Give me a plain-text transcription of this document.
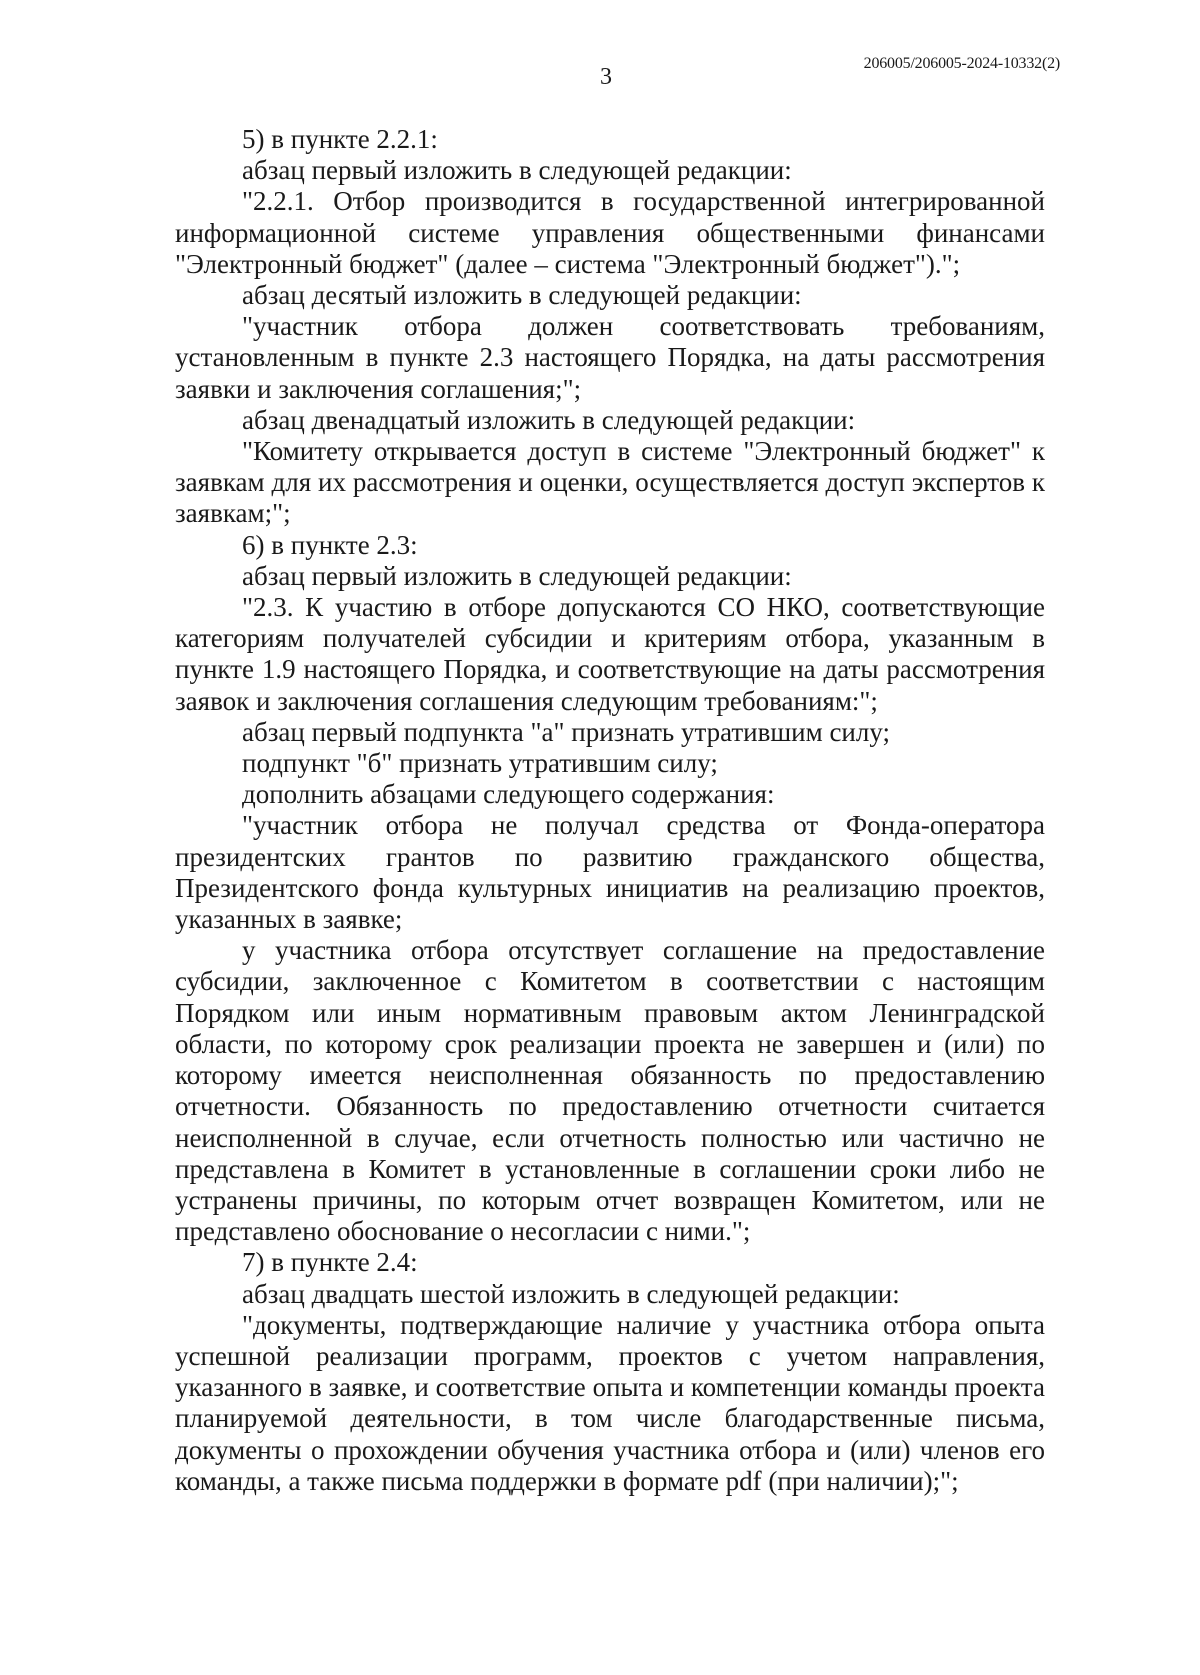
3
206005/206005-2024-10332(2)

5) в пункте 2.2.1:

абзац первый изложить в следующей редакции:

"2.2.1. Отбор производится в государственной интегрированной информационной системе управления общественными финансами "Электронный бюджет" (далее – система "Электронный бюджет").";

абзац десятый изложить в следующей редакции:

"участник отбора должен соответствовать требованиям, установленным в пункте 2.3 настоящего Порядка, на даты рассмотрения заявки и заключения соглашения;";

абзац двенадцатый изложить в следующей редакции:

"Комитету открывается доступ в системе "Электронный бюджет" к заявкам для их рассмотрения и оценки, осуществляется доступ экспертов к заявкам;";

6) в пункте 2.3:

абзац первый изложить в следующей редакции:

"2.3. К участию в отборе допускаются СО НКО, соответствующие категориям получателей субсидии и критериям отбора, указанным в пункте 1.9 настоящего Порядка, и соответствующие на даты рассмотрения заявок и заключения соглашения следующим требованиям:";

абзац первый подпункта "а" признать утратившим силу;

подпункт "б" признать утратившим силу;

дополнить абзацами следующего содержания:

"участник отбора не получал средства от Фонда-оператора президентских грантов по развитию гражданского общества, Президентского фонда культурных инициатив на реализацию проектов, указанных в заявке;

у участника отбора отсутствует соглашение на предоставление субсидии, заключенное с Комитетом в соответствии с настоящим Порядком или иным нормативным правовым актом Ленинградской области, по которому срок реализации проекта не завершен и (или) по которому имеется неисполненная обязанность по предоставлению отчетности. Обязанность по предоставлению отчетности считается неисполненной в случае, если отчетность полностью или частично не представлена в Комитет в установленные в соглашении сроки либо не устранены причины, по которым отчет возвращен Комитетом, или не представлено обоснование о несогласии с ними.";

7) в пункте 2.4:

абзац двадцать шестой изложить в следующей редакции:

"документы, подтверждающие наличие у участника отбора опыта успешной реализации программ, проектов с учетом направления, указанного в заявке, и соответствие опыта и компетенции команды проекта планируемой деятельности, в том числе благодарственные письма, документы о прохождении обучения участника отбора и (или) членов его команды, а также письма поддержки в формате pdf (при наличии);";
